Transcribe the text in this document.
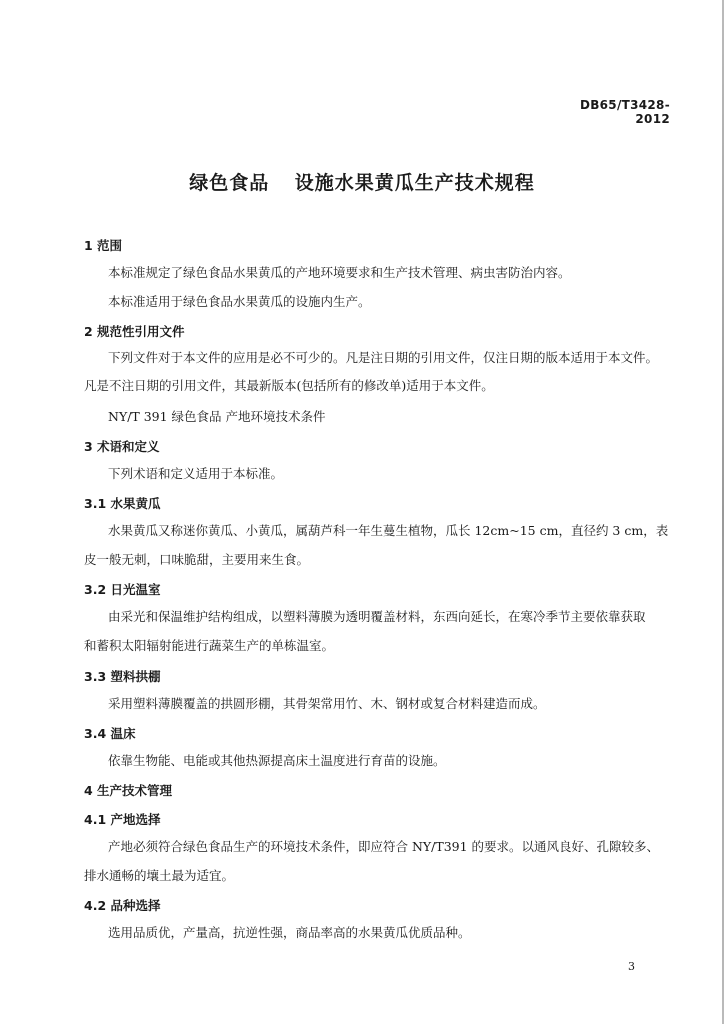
DB65/T3428-2012
绿色食品 设施水果黄瓜生产技术规程
1 范围
本标准规定了绿色食品水果黄瓜的产地环境要求和生产技术管理、病虫害防治内容。
本标准适用于绿色食品水果黄瓜的设施内生产。
2 规范性引用文件
下列文件对于本文件的应用是必不可少的。凡是注日期的引用文件，仅注日期的版本适用于本文件。
凡是不注日期的引用文件，其最新版本(包括所有的修改单)适用于本文件。
NY/T 391 绿色食品 产地环境技术条件
3 术语和定义
下列术语和定义适用于本标准。
3.1 水果黄瓜
水果黄瓜又称迷你黄瓜、小黄瓜，属葫芦科一年生蔓生植物，瓜长 12cm~15 cm，直径约 3 cm，表
皮一般无刺，口味脆甜，主要用来生食。
3.2 日光温室
由采光和保温维护结构组成，以塑料薄膜为透明覆盖材料，东西向延长，在寒冷季节主要依靠获取
和蓄积太阳辐射能进行蔬菜生产的单栋温室。
3.3 塑料拱棚
采用塑料薄膜覆盖的拱圆形棚，其骨架常用竹、木、钢材或复合材料建造而成。
3.4 温床
依靠生物能、电能或其他热源提高床土温度进行育苗的设施。
4 生产技术管理
4.1 产地选择
产地必须符合绿色食品生产的环境技术条件，即应符合 NY/T391 的要求。以通风良好、孔隙较多、
排水通畅的壤土最为适宜。
4.2 品种选择
选用品质优，产量高，抗逆性强，商品率高的水果黄瓜优质品种。
3
